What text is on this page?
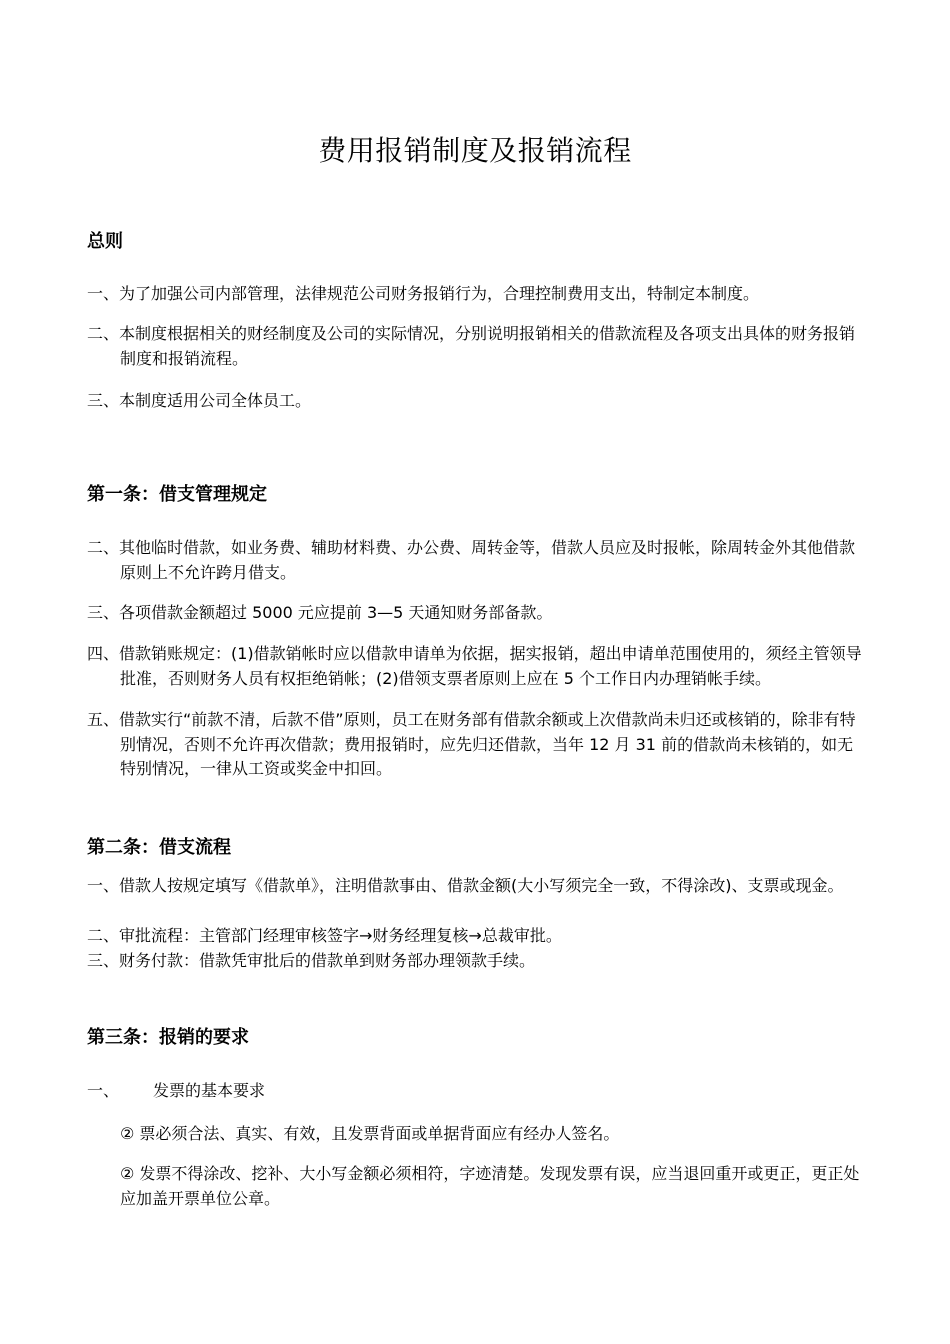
费用报销制度及报销流程
总则
一、为了加强公司内部管理，法律规范公司财务报销行为，合理控制费用支出，特制定本制度。
二、本制度根据相关的财经制度及公司的实际情况，分别说明报销相关的借款流程及各项支出具体的财务报销制度和报销流程。
三、本制度适用公司全体员工。
第一条：借支管理规定
二、其他临时借款，如业务费、辅助材料费、办公费、周转金等，借款人员应及时报帐，除周转金外其他借款原则上不允许跨月借支。
三、各项借款金额超过 5000 元应提前 3—5 天通知财务部备款。
四、借款销账规定：(1)借款销帐时应以借款申请单为依据，据实报销，超出申请单范围使用的，须经主管领导批准，否则财务人员有权拒绝销帐；(2)借领支票者原则上应在 5 个工作日内办理销帐手续。
五、借款实行“前款不清，后款不借”原则，员工在财务部有借款余额或上次借款尚未归还或核销的，除非有特别情况，否则不允许再次借款；费用报销时，应先归还借款，当年 12 月 31 前的借款尚未核销的，如无特别情况，一律从工资或奖金中扣回。
第二条：借支流程
一、借款人按规定填写《借款单》，注明借款事由、借款金额(大小写须完全一致，不得涂改)、支票或现金。
二、审批流程：主管部门经理审核签字→财务经理复核→总裁审批。
三、财务付款：借款凭审批后的借款单到财务部办理领款手续。
第三条：报销的要求
一、 发票的基本要求
② 票必须合法、真实、有效，且发票背面或单据背面应有经办人签名。
② 发票不得涂改、挖补、大小写金额必须相符，字迹清楚。发现发票有误，应当退回重开或更正，更正处应加盖开票单位公章。
